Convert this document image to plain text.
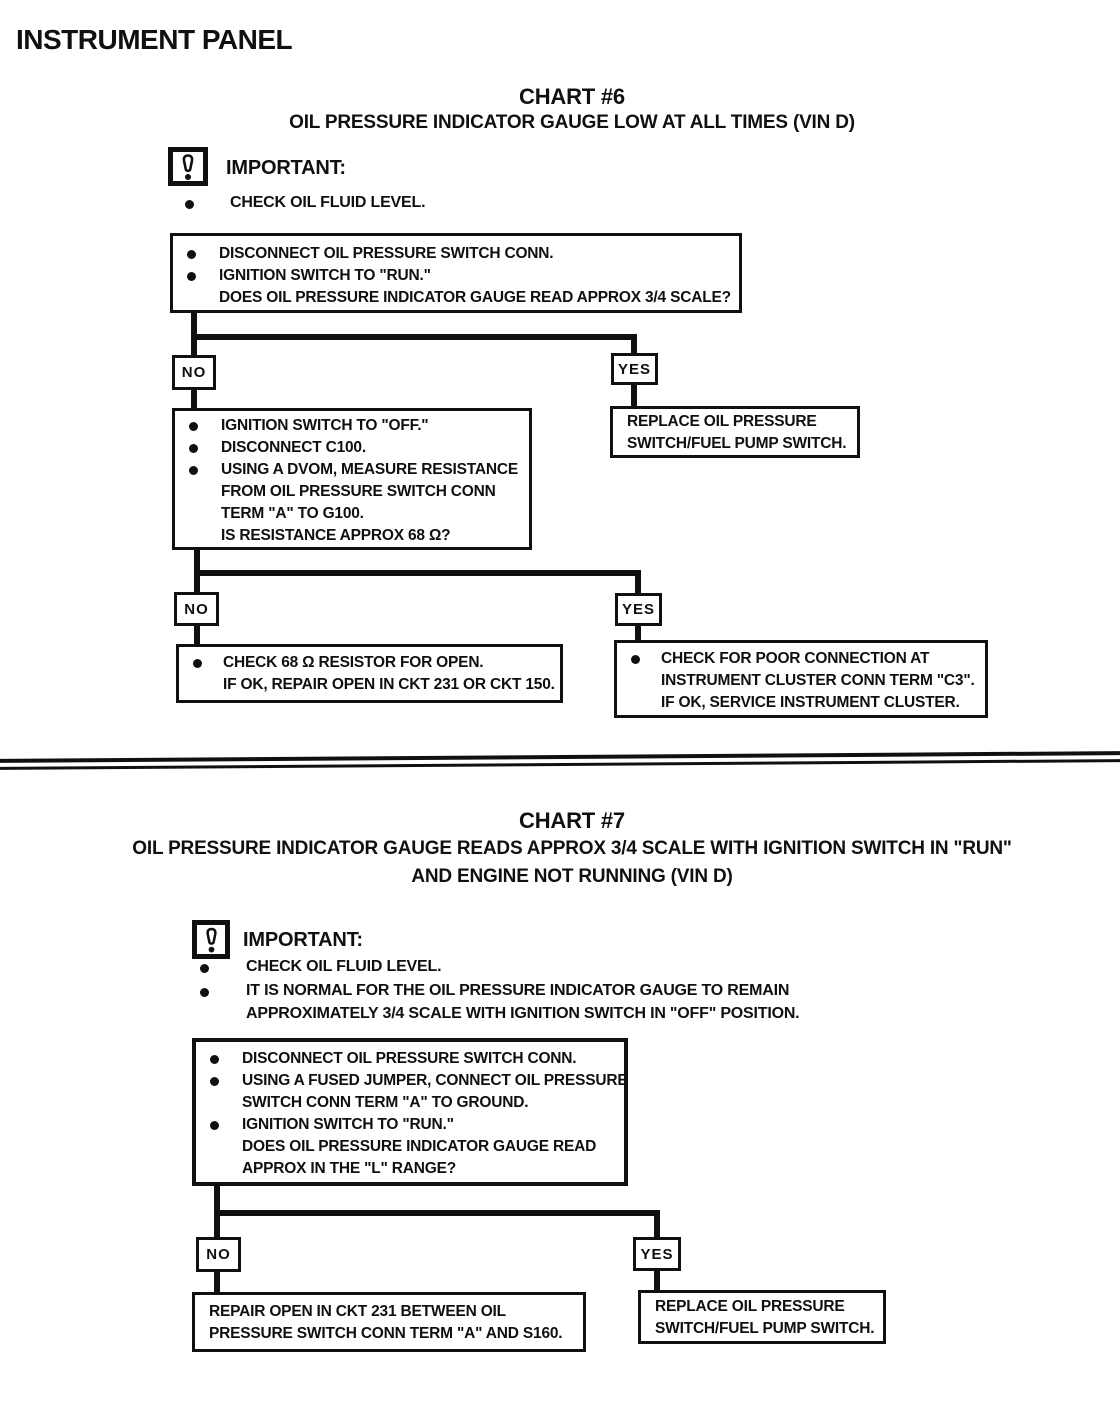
INSTRUMENT PANEL
CHART #6
OIL PRESSURE INDICATOR GAUGE LOW AT ALL TIMES (VIN D)
IMPORTANT:
CHECK OIL FLUID LEVEL.
DISCONNECT OIL PRESSURE SWITCH CONN.
IGNITION SWITCH TO "RUN."
DOES OIL PRESSURE INDICATOR GAUGE READ APPROX 3/4 SCALE?
NO	YES
REPLACE OIL PRESSURE
SWITCH/FUEL PUMP SWITCH.
IGNITION SWITCH TO "OFF."
DISCONNECT C100.
USING A DVOM, MEASURE RESISTANCE
FROM OIL PRESSURE SWITCH CONN
TERM "A" TO G100.
IS RESISTANCE APPROX 68 Ω?
NO	YES
CHECK 68 Ω RESISTOR FOR OPEN.
IF OK, REPAIR OPEN IN CKT 231 OR CKT 150.
CHECK FOR POOR CONNECTION AT
INSTRUMENT CLUSTER CONN TERM "C3".
IF OK, SERVICE INSTRUMENT CLUSTER.
CHART #7
OIL PRESSURE INDICATOR GAUGE READS APPROX 3/4 SCALE WITH IGNITION SWITCH IN "RUN"
AND ENGINE NOT RUNNING (VIN D)
IMPORTANT:
CHECK OIL FLUID LEVEL.
IT IS NORMAL FOR THE OIL PRESSURE INDICATOR GAUGE TO REMAIN
APPROXIMATELY 3/4 SCALE WITH IGNITION SWITCH IN "OFF" POSITION.
DISCONNECT OIL PRESSURE SWITCH CONN.
USING A FUSED JUMPER, CONNECT OIL PRESSURE
SWITCH CONN TERM "A" TO GROUND.
IGNITION SWITCH TO "RUN."
DOES OIL PRESSURE INDICATOR GAUGE READ
APPROX IN THE "L" RANGE?
NO	YES
REPAIR OPEN IN CKT 231 BETWEEN OIL
PRESSURE SWITCH CONN TERM "A" AND S160.
REPLACE OIL PRESSURE
SWITCH/FUEL PUMP SWITCH.
